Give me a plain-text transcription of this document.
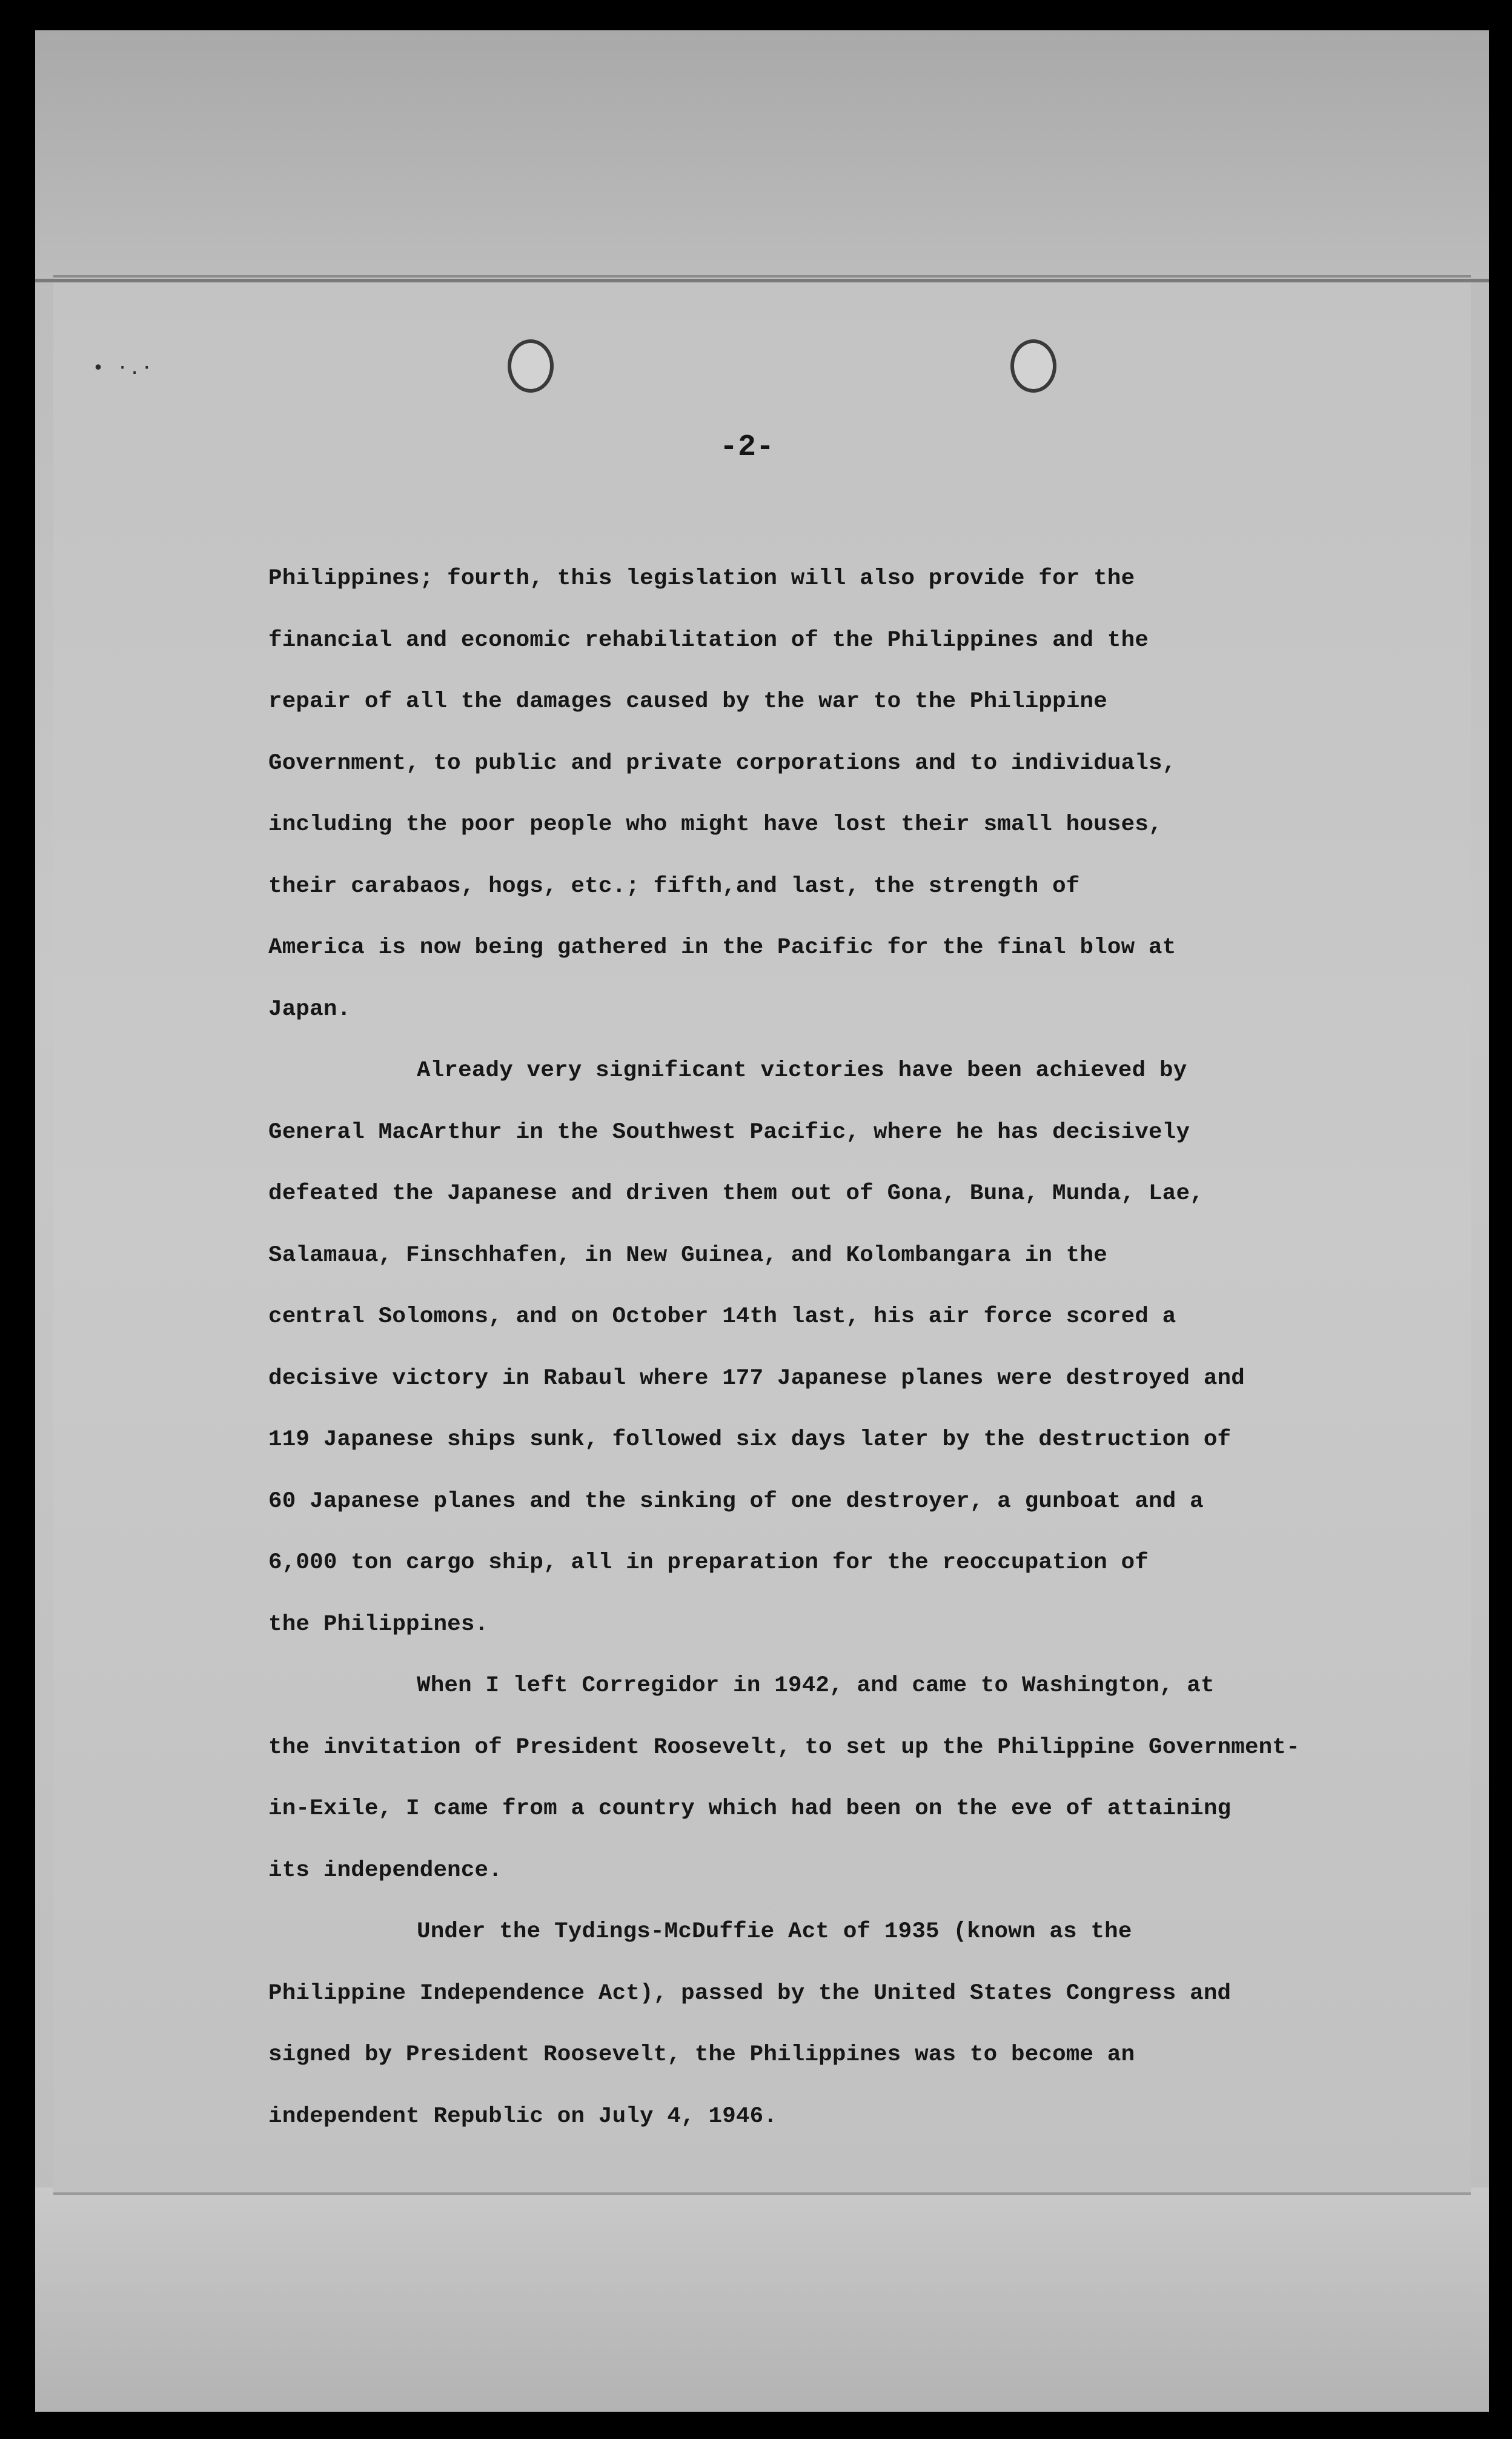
• ·.·
-2-
Philippines; fourth, this legislation will also provide for the
financial and economic rehabilitation of the Philippines and the
repair of all the damages caused by the war to the Philippine
Government, to public and private corporations and to individuals,
including the poor people who might have lost their small houses,
their carabaos, hogs, etc.; fifth,and last, the strength of
America is now being gathered in the Pacific for the final blow at
Japan.
Already very significant victories have been achieved by
General MacArthur in the Southwest Pacific, where he has decisively
defeated the Japanese and driven them out of Gona, Buna, Munda, Lae,
Salamaua, Finschhafen, in New Guinea, and Kolombangara in the
central Solomons, and on October 14th last, his air force scored a
decisive victory in Rabaul where 177 Japanese planes were destroyed and
119 Japanese ships sunk, followed six days later by the destruction of
60 Japanese planes and the sinking of one destroyer, a gunboat and a
6,000 ton cargo ship, all in preparation for the reoccupation of
the Philippines.
When I left Corregidor in 1942, and came to Washington, at
the invitation of President Roosevelt, to set up the Philippine Government-
in-Exile, I came from a country which had been on the eve of attaining
its independence.
Under the Tydings-McDuffie Act of 1935 (known as the
Philippine Independence Act), passed by the United States Congress and
signed by President Roosevelt, the Philippines was to become an
independent Republic on July 4, 1946.
